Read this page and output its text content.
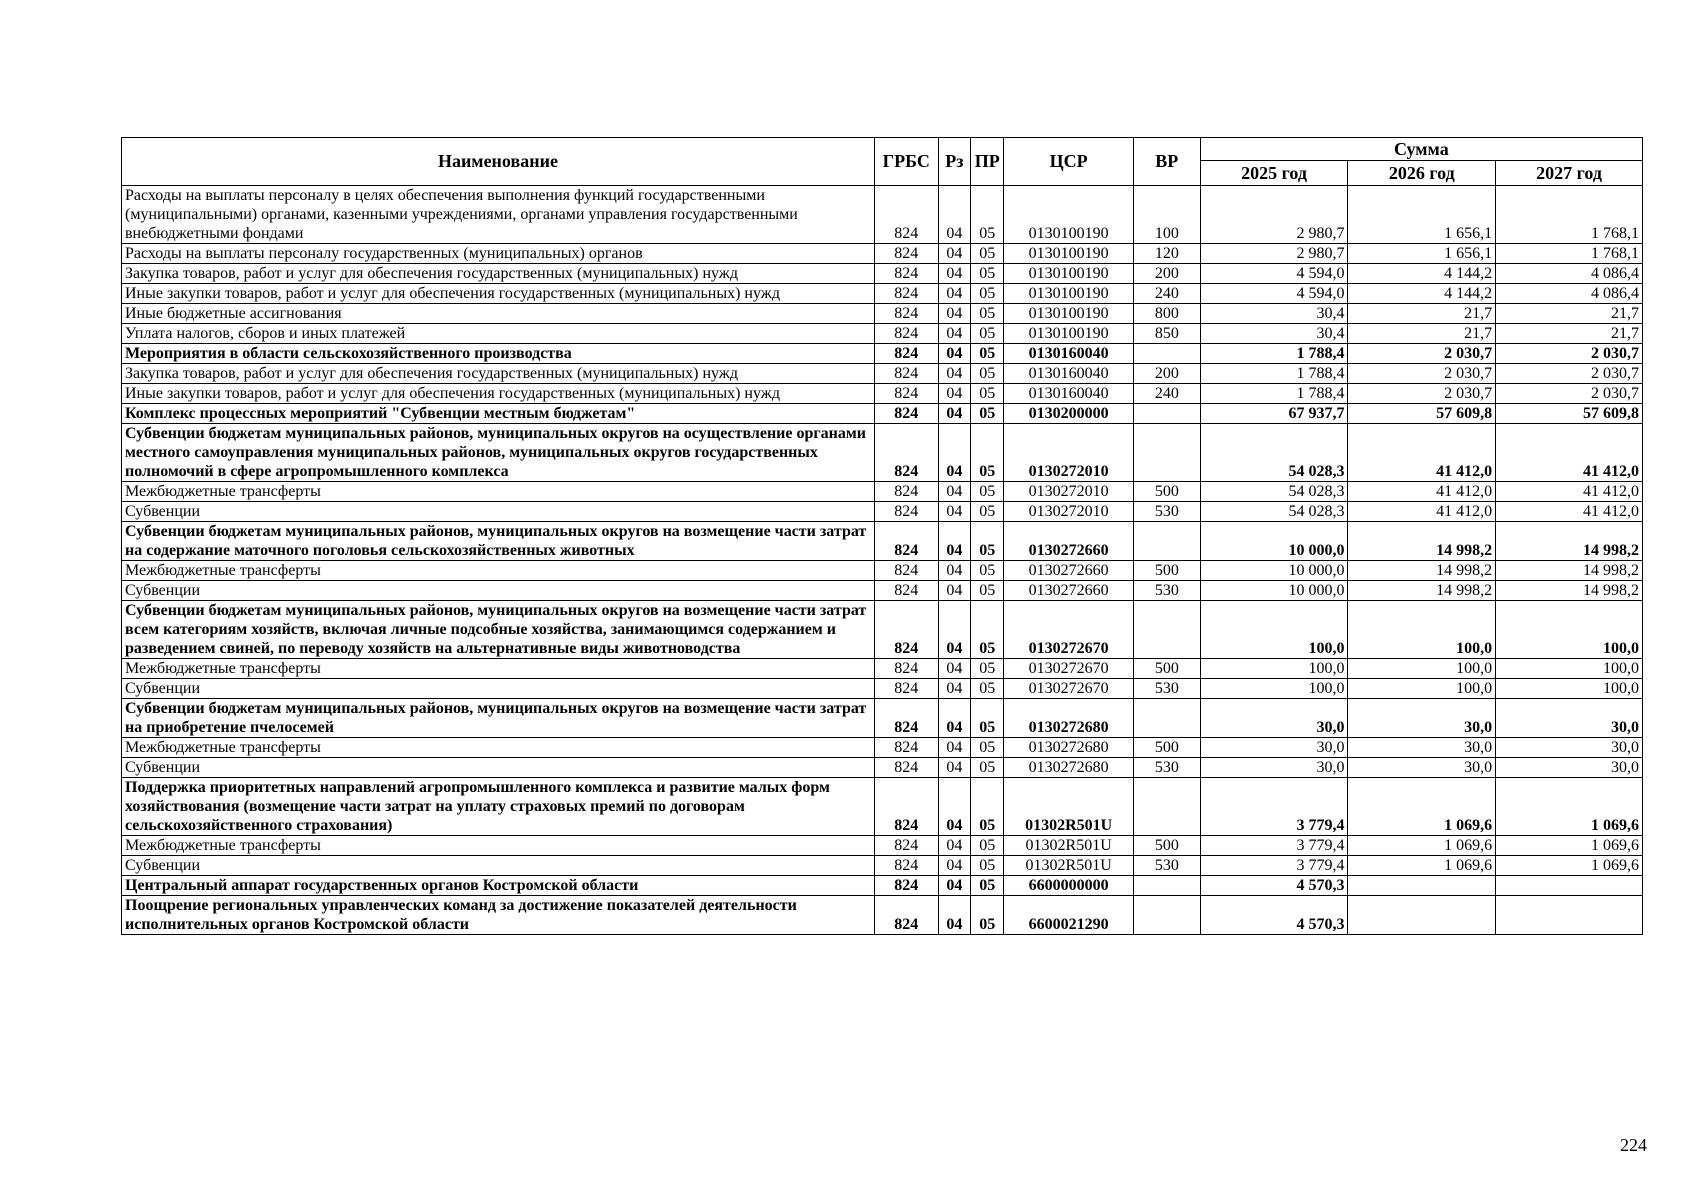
Наименование	ГРБС	Рз	ПР	ЦСР	ВР	Сумма		
						2025 год	2026 год	2027 год
Расходы на выплаты персоналу в целях обеспечения выполнения функций государственными (муниципальными) органами, казенными учреждениями, органами управления государственными внебюджетными фондами	824	04	05	0130100190	100	2 980,7	1 656,1	1 768,1
Расходы на выплаты персоналу государственных (муниципальных) органов	824	04	05	0130100190	120	2 980,7	1 656,1	1 768,1
Закупка товаров, работ и услуг для обеспечения государственных (муниципальных) нужд	824	04	05	0130100190	200	4 594,0	4 144,2	4 086,4
Иные закупки товаров, работ и услуг для обеспечения государственных (муниципальных) нужд	824	04	05	0130100190	240	4 594,0	4 144,2	4 086,4
Иные бюджетные ассигнования	824	04	05	0130100190	800	30,4	21,7	21,7
Уплата налогов, сборов и иных платежей	824	04	05	0130100190	850	30,4	21,7	21,7
Мероприятия в области сельскохозяйственного производства	824	04	05	0130160040		1 788,4	2 030,7	2 030,7
Закупка товаров, работ и услуг для обеспечения государственных (муниципальных) нужд	824	04	05	0130160040	200	1 788,4	2 030,7	2 030,7
Иные закупки товаров, работ и услуг для обеспечения государственных (муниципальных) нужд	824	04	05	0130160040	240	1 788,4	2 030,7	2 030,7
Комплекс процессных мероприятий "Субвенции местным бюджетам"	824	04	05	0130200000		67 937,7	57 609,8	57 609,8
Субвенции бюджетам муниципальных районов, муниципальных округов на осуществление органами местного самоуправления муниципальных районов, муниципальных округов государственных полномочий в сфере агропромышленного комплекса	824	04	05	0130272010		54 028,3	41 412,0	41 412,0
Межбюджетные трансферты	824	04	05	0130272010	500	54 028,3	41 412,0	41 412,0
Субвенции	824	04	05	0130272010	530	54 028,3	41 412,0	41 412,0
Субвенции бюджетам муниципальных районов, муниципальных округов на возмещение части затрат на содержание маточного поголовья сельскохозяйственных животных	824	04	05	0130272660		10 000,0	14 998,2	14 998,2
Межбюджетные трансферты	824	04	05	0130272660	500	10 000,0	14 998,2	14 998,2
Субвенции	824	04	05	0130272660	530	10 000,0	14 998,2	14 998,2
Субвенции бюджетам муниципальных районов, муниципальных округов на возмещение части затрат всем категориям хозяйств, включая личные подсобные хозяйства, занимающимся содержанием и разведением свиней, по переводу хозяйств на альтернативные виды животноводства	824	04	05	0130272670		100,0	100,0	100,0
Межбюджетные трансферты	824	04	05	0130272670	500	100,0	100,0	100,0
Субвенции	824	04	05	0130272670	530	100,0	100,0	100,0
Субвенции бюджетам муниципальных районов, муниципальных округов на возмещение части затрат на приобретение пчелосемей	824	04	05	0130272680		30,0	30,0	30,0
Межбюджетные трансферты	824	04	05	0130272680	500	30,0	30,0	30,0
Субвенции	824	04	05	0130272680	530	30,0	30,0	30,0
Поддержка приоритетных направлений агропромышленного комплекса и развитие малых форм хозяйствования (возмещение части затрат на уплату страховых премий по договорам сельскохозяйственного страхования)	824	04	05	01302R501U		3 779,4	1 069,6	1 069,6
Межбюджетные трансферты	824	04	05	01302R501U	500	3 779,4	1 069,6	1 069,6
Субвенции	824	04	05	01302R501U	530	3 779,4	1 069,6	1 069,6
Центральный аппарат государственных органов Костромской области	824	04	05	6600000000		4 570,3		
Поощрение региональных управленческих команд за достижение показателей деятельности исполнительных органов Костромской области	824	04	05	6600021290		4 570,3		
224
